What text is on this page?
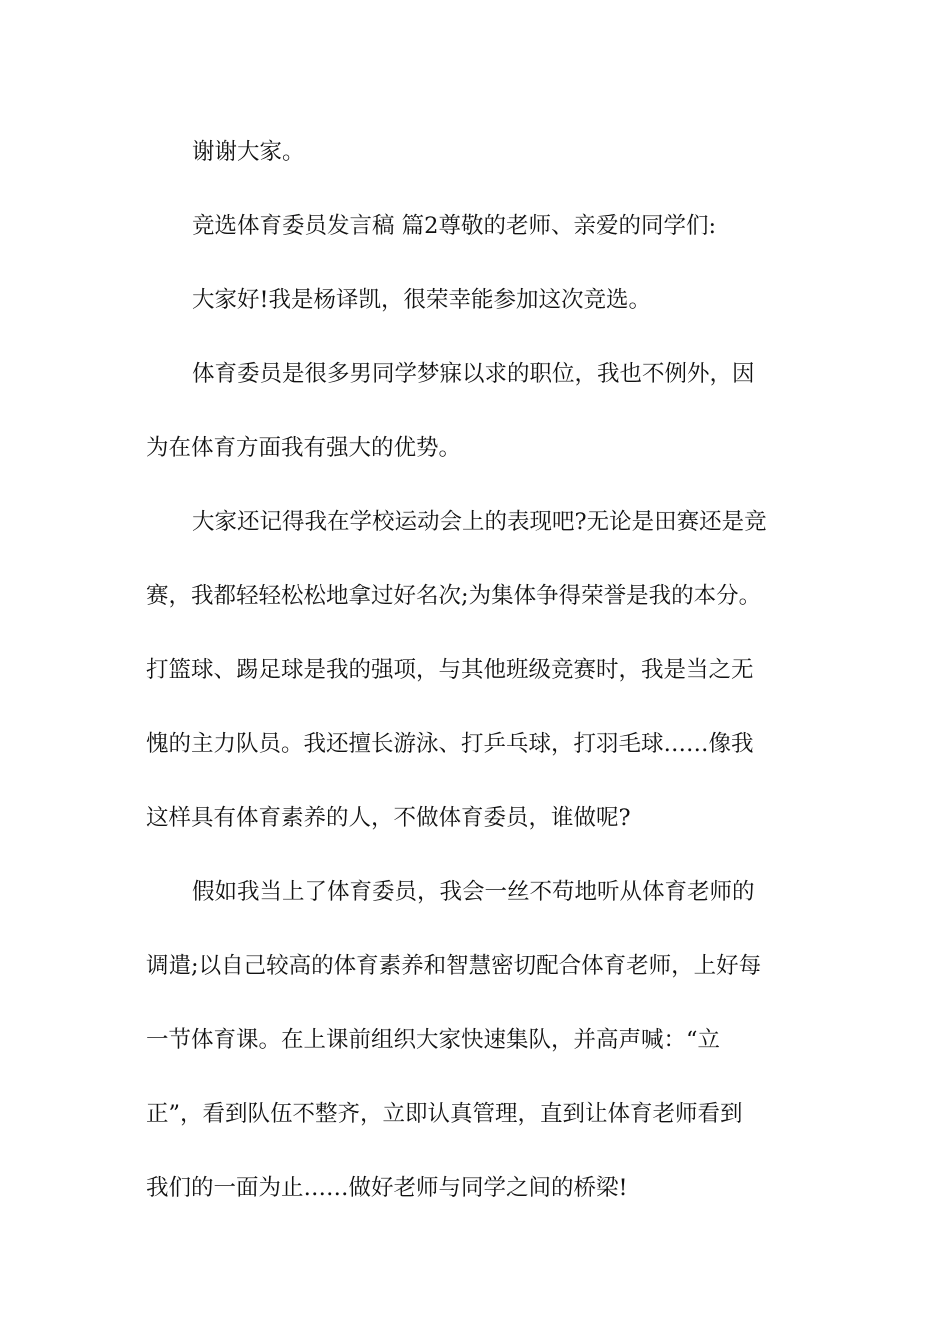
谢谢大家。
竞选体育委员发言稿 篇2尊敬的老师、亲爱的同学们:
大家好!我是杨译凯，很荣幸能参加这次竞选。
体育委员是很多男同学梦寐以求的职位，我也不例外，因
为在体育方面我有强大的优势。
大家还记得我在学校运动会上的表现吧?无论是田赛还是竞
赛，我都轻轻松松地拿过好名次;为集体争得荣誉是我的本分。
打篮球、踢足球是我的强项，与其他班级竞赛时，我是当之无
愧的主力队员。我还擅长游泳、打乒乓球，打羽毛球……像我
这样具有体育素养的人，不做体育委员，谁做呢?
假如我当上了体育委员，我会一丝不苟地听从体育老师的
调遣;以自己较高的体育素养和智慧密切配合体育老师，上好每
一节体育课。在上课前组织大家快速集队，并高声喊：“立
正”，看到队伍不整齐，立即认真管理，直到让体育老师看到
我们的一面为止……做好老师与同学之间的桥梁!
